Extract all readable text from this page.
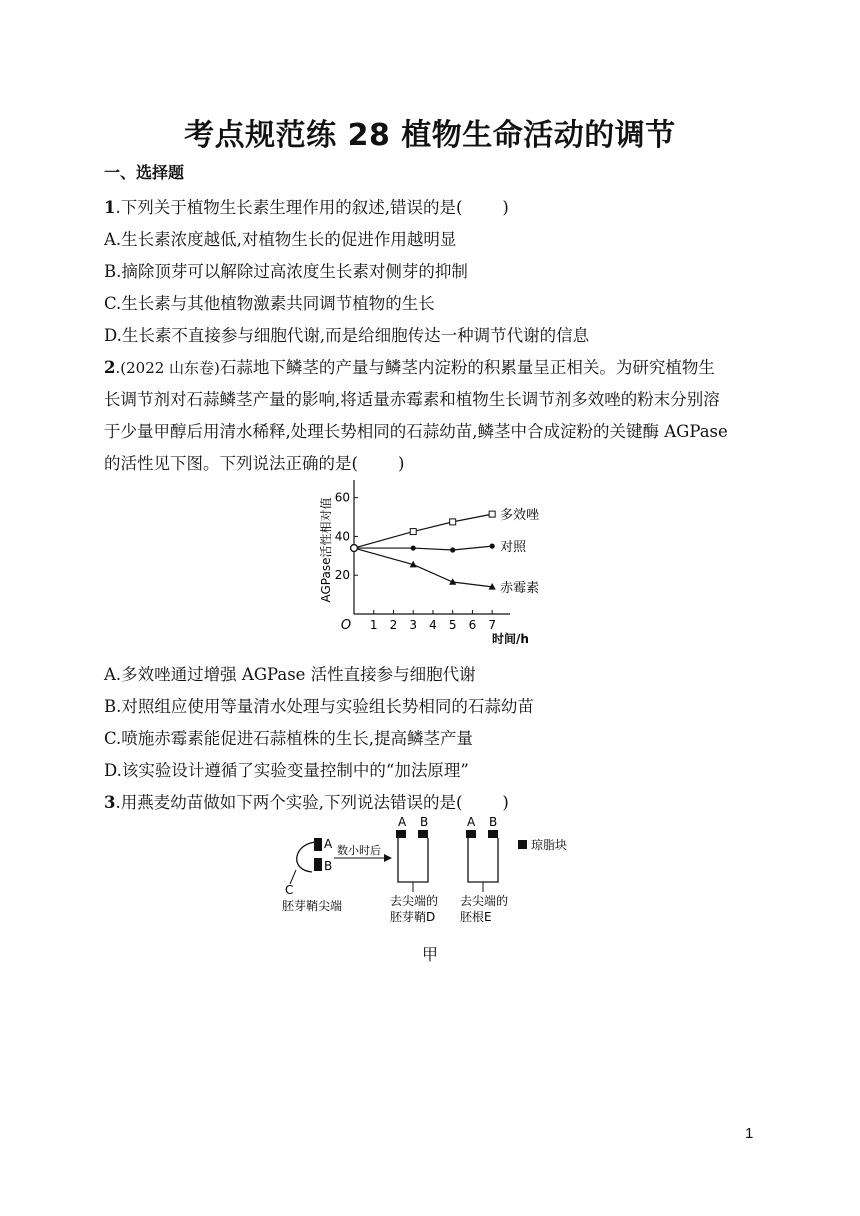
考点规范练 28 植物生命活动的调节
一、选择题
1.下列关于植物生长素生理作用的叙述,错误的是( )
A.生长素浓度越低,对植物生长的促进作用越明显
B.摘除顶芽可以解除过高浓度生长素对侧芽的抑制
C.生长素与其他植物激素共同调节植物的生长
D.生长素不直接参与细胞代谢,而是给细胞传达一种调节代谢的信息
2.(2022 山东卷)石蒜地下鳞茎的产量与鳞茎内淀粉的积累量呈正相关。为研究植物生
长调节剂对石蒜鳞茎产量的影响,将适量赤霉素和植物生长调节剂多效唑的粉末分别溶
于少量甲醇后用清水稀释,处理长势相同的石蒜幼苗,鳞茎中合成淀粉的关键酶 AGPase
的活性见下图。下列说法正确的是( )
20
40
60
1 2 3 4 5 6 7
O
时间/h
AGPase活性相对值	多效唑
对照
赤霉素
A.多效唑通过增强 AGPase 活性直接参与细胞代谢
B.对照组应使用等量清水处理与实验组长势相同的石蒜幼苗
C.喷施赤霉素能促进石蒜植株的生长,提高鳞茎产量
D.该实验设计遵循了实验变量控制中的“加法原理”
3.用燕麦幼苗做如下两个实验,下列说法错误的是( )
A
B
C
胚芽鞘尖端
数小时后
A B
去尖端的
胚芽鞘D
A B
去尖端的
胚根E
琼脂块
甲
1
